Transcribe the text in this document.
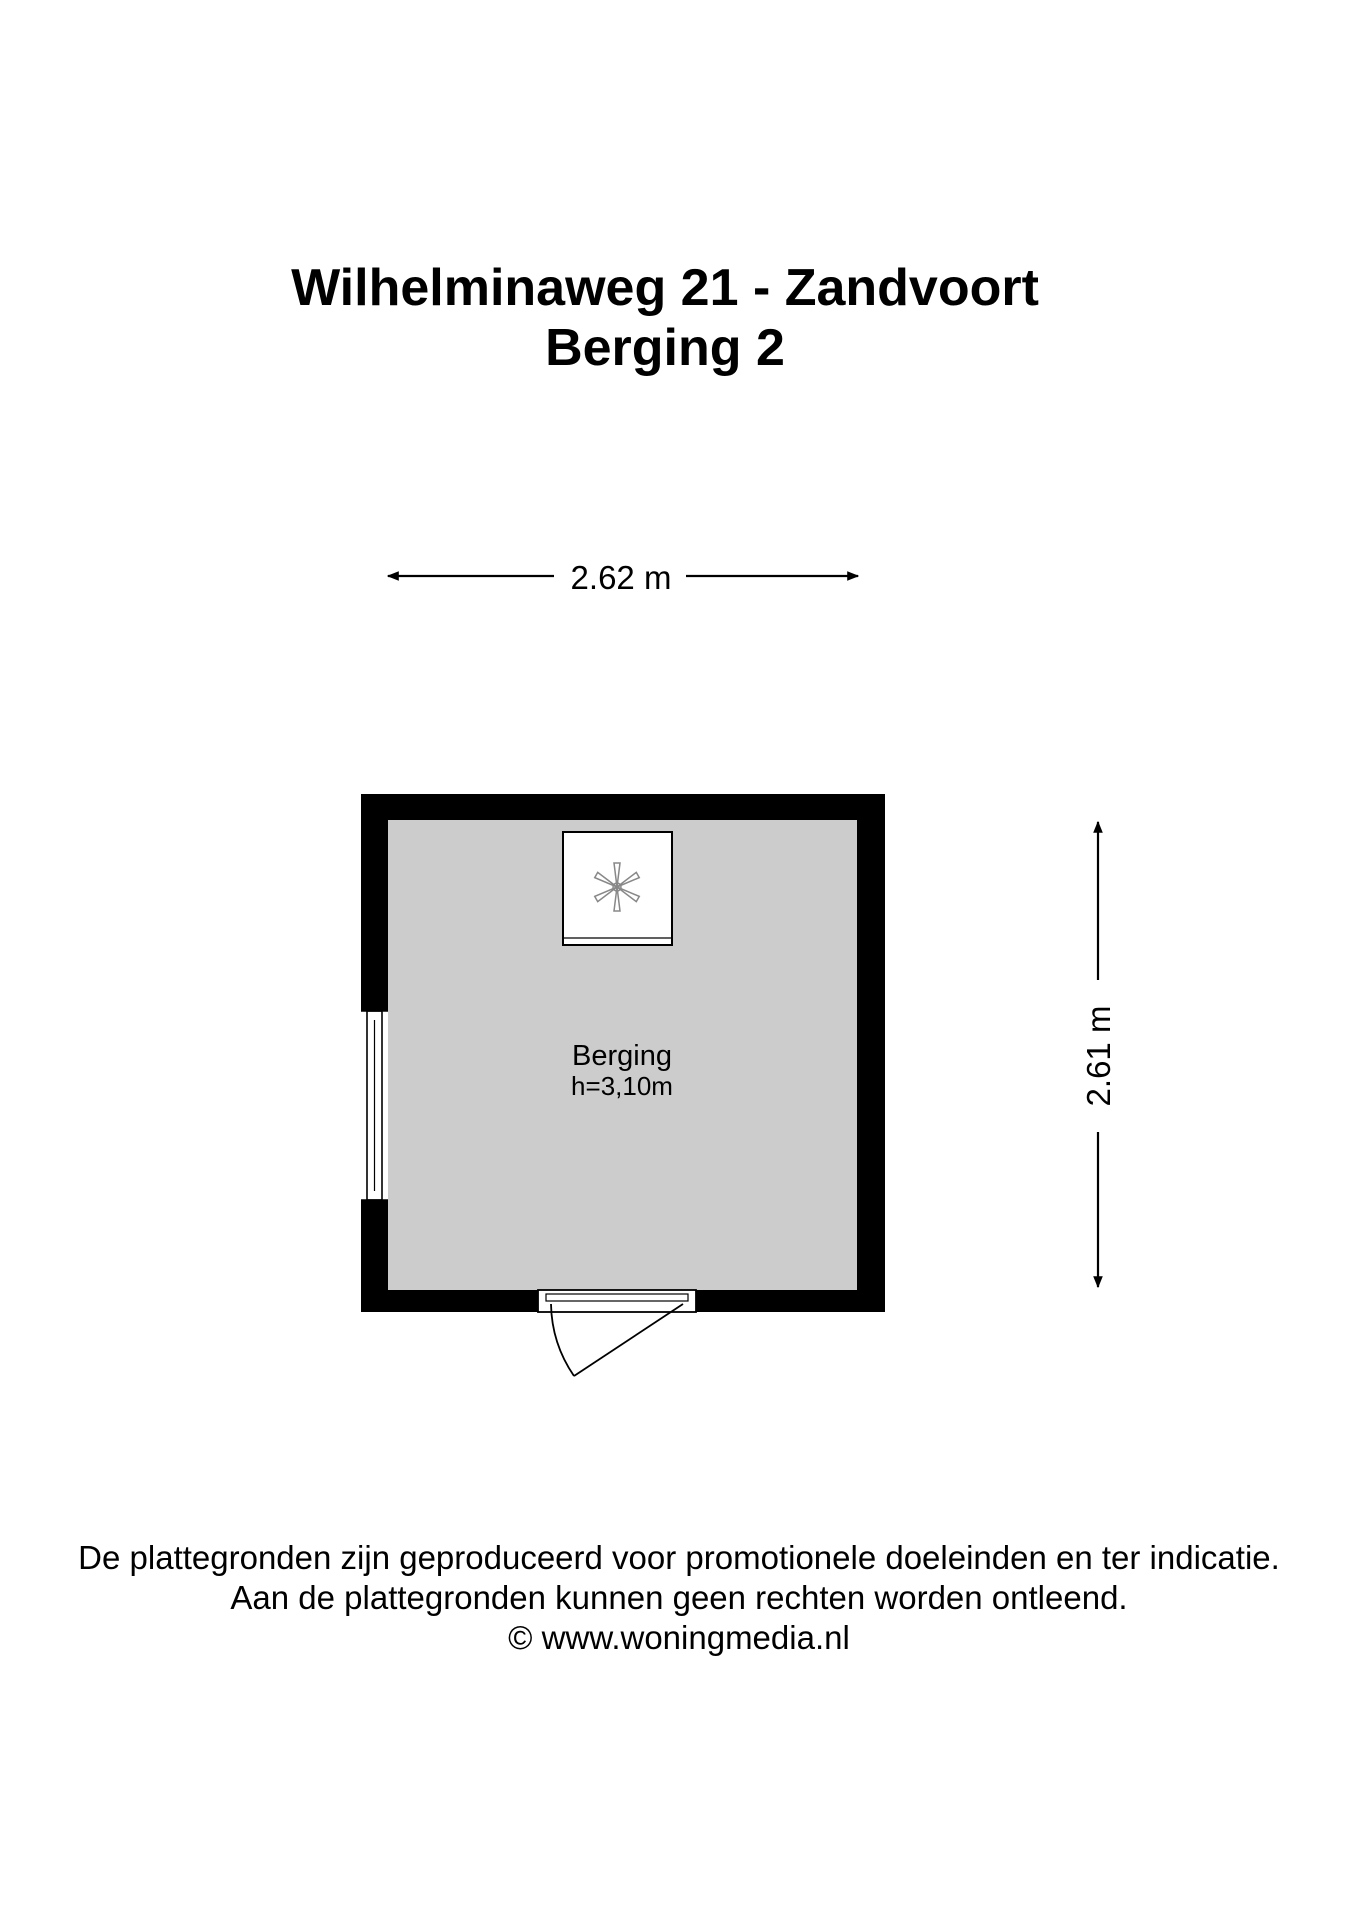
Wilhelminaweg 21 - Zandvoort
Berging 2
2.62 m
2.61 m
Berging
h=3,10m
De plattegronden zijn geproduceerd voor promotionele doeleinden en ter indicatie.
Aan de plattegronden kunnen geen rechten worden ontleend.
© www.woningmedia.nl
